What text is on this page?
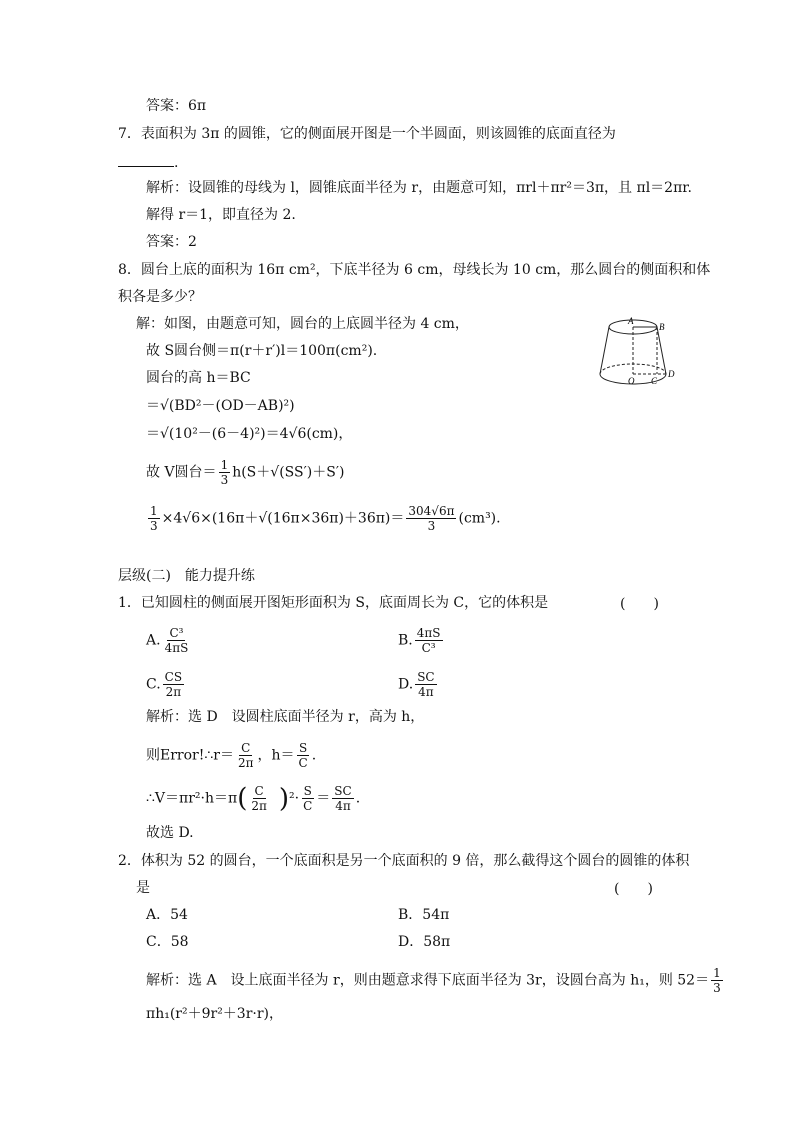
答案：6π
7．表面积为 3π 的圆锥，它的侧面展开图是一个半圆面，则该圆锥的底面直径为
.
解析：设圆锥的母线为 l，圆锥底面半径为 r，由题意可知，πrl＋πr²＝3π，且 πl＝2πr.
解得 r＝1，即直径为 2.
答案：2
8．圆台上底的面积为 16π cm²，下底半径为 6 cm，母线长为 10 cm，那么圆台的侧面积和体
积各是多少？
解：如图，由题意可知，圆台的上底圆半径为 4 cm，
故 S圆台侧＝π(r＋r′)l＝100π(cm²).
圆台的高 h＝BC
＝√(BD²－(OD－AB)²)
＝√(10²－(6－4)²)＝4√6(cm)，
故 V圆台＝ $\frac{1}{3} h(S+√(SS')+S')$
$\frac{1}{3} \times 4√6\times(16\pi+√(16\pi\times 36\pi)+36\pi)= \frac{304√6\pi}{3} (cm^3)$.
A
B
O C
D
层级(二)　能力提升练
1．已知圆柱的侧面展开图矩形面积为 S，底面周长为 C，它的体积是	(　　)
A. $\frac{\text{C³}}{4\pi S}$	B. $\frac{4\pi S}{\text{C³}}$
C. $\frac{CS}{2\pi}$	D. $\frac{SC}{4\pi}$
解析：选 D　设圆柱底面半径为 r，高为 h，
则Error!∴r＝ $\frac{C}{2\pi}$ ，$h= \frac{S}{C}$ .
∴V＝πr²·h＝π( $\frac{C}{2\pi} )^2\cdot \frac{S}{C} = \frac{SC}{4\pi}$ .
故选 D.
2．体积为 52 的圆台，一个底面积是另一个底面积的 9 倍，那么截得这个圆台的圆锥的体积
是	(　　)
A．54	B．54π
C．58	D．58π
解析：选 A　设上底面半径为 r，则由题意求得下底面半径为 3r，设圆台高为 h₁，则 $52= \frac{1}{3}$
πh₁(r²＋9r²＋3r·r)，
